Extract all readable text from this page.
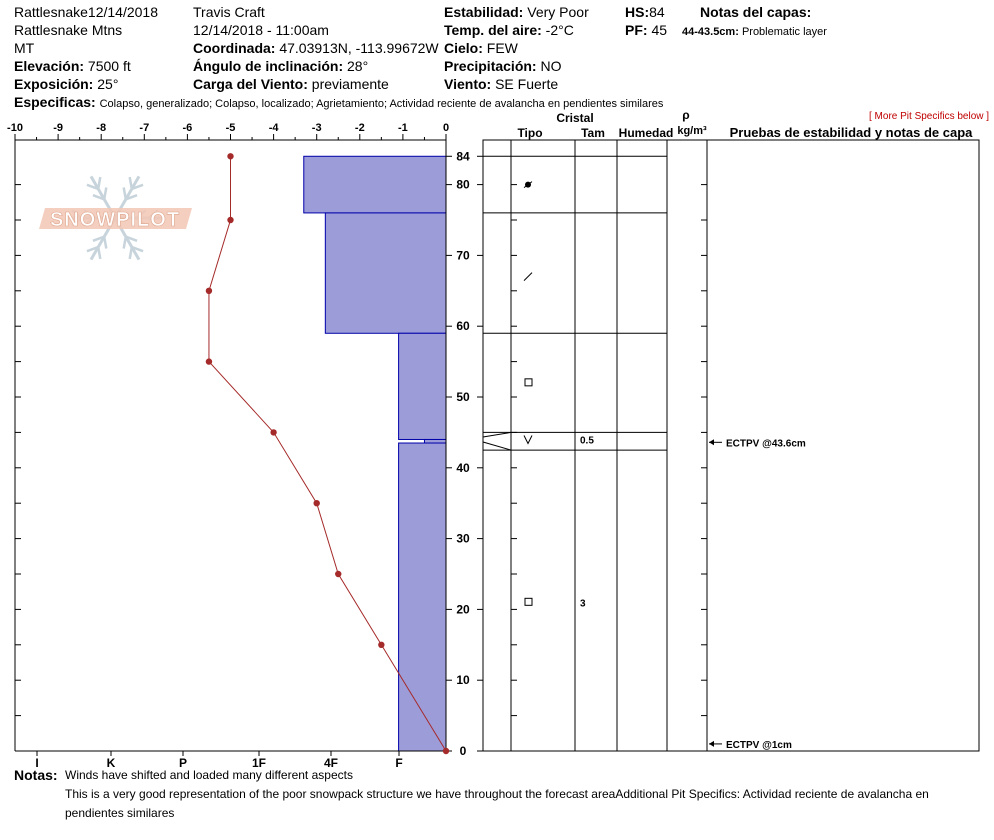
Rattlesnake12/14/2018
Rattlesnake Mtns
MT
Elevación: 7500 ft
Exposición: 25°
Travis Craft
12/14/2018 - 11:00am
Coordinada: 47.03913N, -113.99672W
Ángulo de inclinación: 28°
Carga del Viento: previamente
Estabilidad: Very Poor
Temp. del aire: -2°C
Cielo: FEW
Precipitación: NO
Viento: SE Fuerte
HS:84
PF: 45
Notas del capas:
44-43.5cm: Problematic layer
Especificas: Colapso, generalizado; Colapso, localizado; Agrietamiento; Actividad reciente de avalancha en pendientes similares
[ More Pit Specifics below ]
SNOWPILOT
-10	-9	-8	-7	-6	-5	-4	-3	-2	-1	0
I	K	P	1F	4F	F
0
10
20
30
40
50
60
70
80
84
Cristal
Tipo	Tam Humedad
ρ
kg/m³ Pruebas de estabilidad y notas de capa
0.5
3
ECTPV @43.6cm
ECTPV @1cm
Notas: Winds have shifted and loaded many different aspects
This is a very good representation of the poor snowpack structure we have throughout the forecast areaAdditional Pit Specifics: Actividad reciente de avalancha en pendientes similares
